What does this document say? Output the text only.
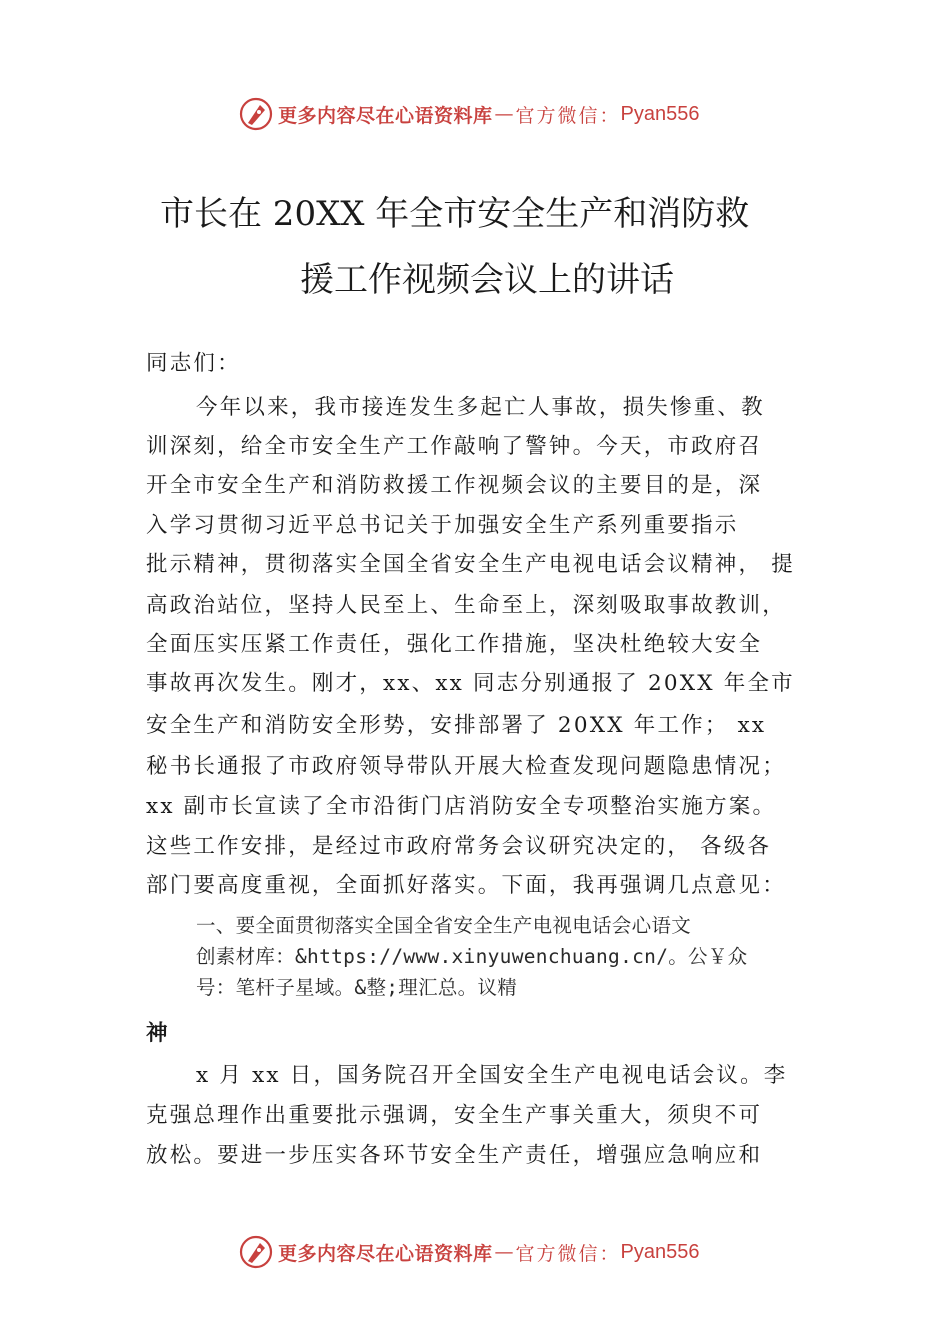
更多内容尽在心语资料库 — 官方微信： Pyan556
市长在 20XX 年全市安全生产和消防救
援工作视频会议上的讲话
同志们：
今年以来，我市接连发生多起亡人事故，损失惨重、教
训深刻，给全市安全生产工作敲响了警钟。今天，市政府召
开全市安全生产和消防救援工作视频会议的主要目的是，深
入学习贯彻习近平总书记关于加强安全生产系列重要指示
批示精神，贯彻落实全国全省安全生产电视电话会议精神， 提
高政治站位，坚持人民至上、生命至上，深刻吸取事故教训，
全面压实压紧工作责任，强化工作措施，坚决杜绝较大安全
事故再次发生。刚才，xx、xx 同志分别通报了 20XX 年全市
安全生产和消防安全形势，安排部署了 20XX 年工作； xx
秘书长通报了市政府领导带队开展大检查发现问题隐患情况；
xx 副市长宣读了全市沿街门店消防安全专项整治实施方案。
这些工作安排，是经过市政府常务会议研究决定的， 各级各
部门要高度重视，全面抓好落实。下面，我再强调几点意见：
一、要全面贯彻落实全国全省安全生产电视电话会心语文
创素材库：&https://www.xinyuwenchuang.cn/。公￥众
号：笔杆子星域。&整;理汇总。议精
神
x 月 xx 日，国务院召开全国安全生产电视电话会议。李
克强总理作出重要批示强调，安全生产事关重大，须臾不可
放松。要进一步压实各环节安全生产责任，增强应急响应和
更多内容尽在心语资料库 — 官方微信： Pyan556
